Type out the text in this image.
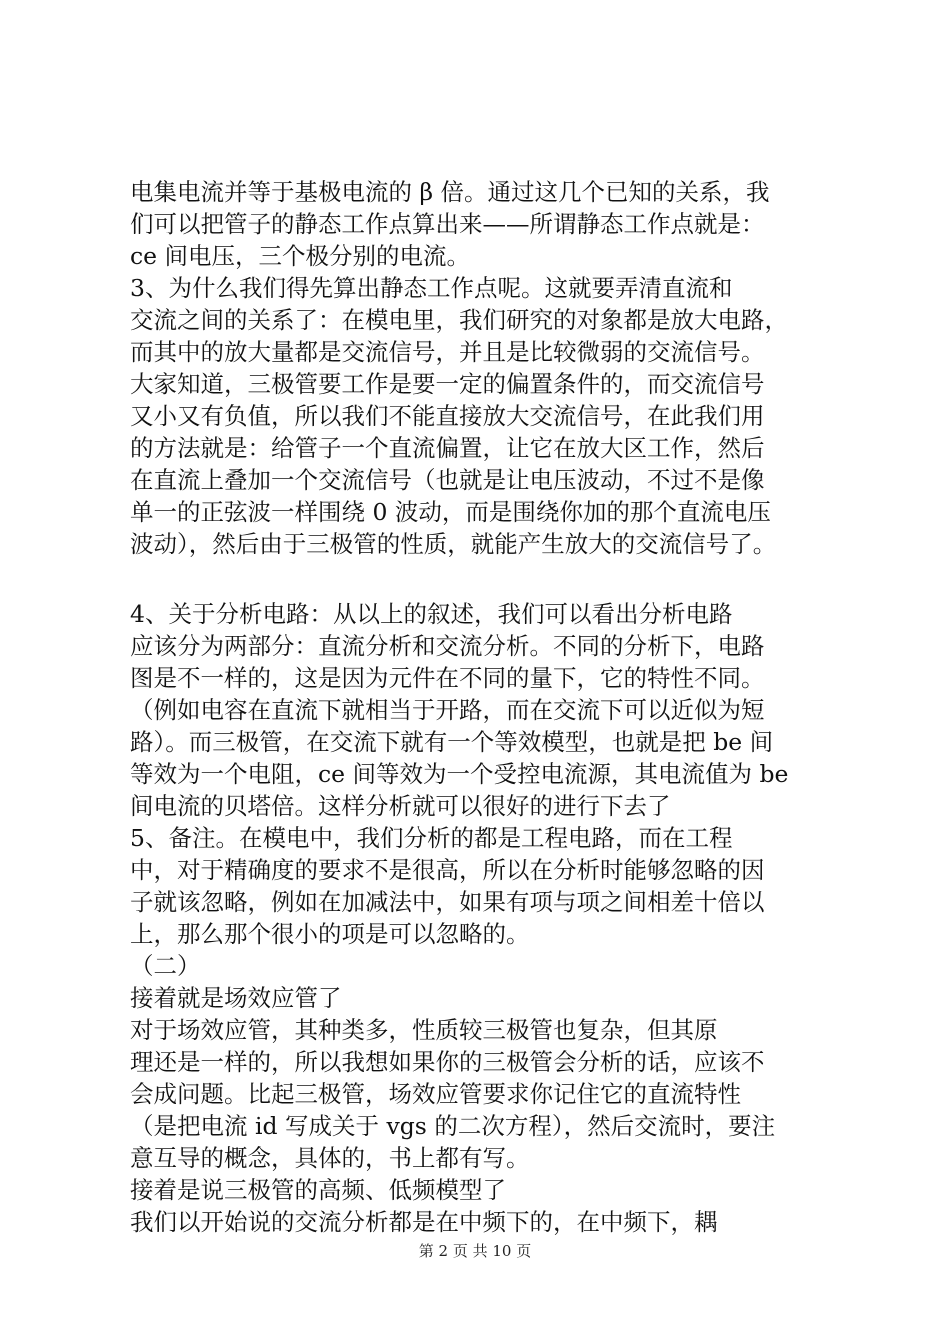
电集电流并等于基极电流的 β 倍。通过这几个已知的关系，我
们可以把管子的静态工作点算出来——所谓静态工作点就是：
ce 间电压，三个极分别的电流。
3、为什么我们得先算出静态工作点呢。这就要弄清直流和
交流之间的关系了：在模电里，我们研究的对象都是放大电路，
而其中的放大量都是交流信号，并且是比较微弱的交流信号。
大家知道，三极管要工作是要一定的偏置条件的，而交流信号
又小又有负值，所以我们不能直接放大交流信号，在此我们用
的方法就是：给管子一个直流偏置，让它在放大区工作，然后
在直流上叠加一个交流信号（也就是让电压波动，不过不是像
单一的正弦波一样围绕 0 波动，而是围绕你加的那个直流电压
波动），然后由于三极管的性质，就能产生放大的交流信号了。
4、关于分析电路：从以上的叙述，我们可以看出分析电路
应该分为两部分：直流分析和交流分析。不同的分析下，电路
图是不一样的，这是因为元件在不同的量下，它的特性不同。
（例如电容在直流下就相当于开路，而在交流下可以近似为短
路）。而三极管，在交流下就有一个等效模型，也就是把 be 间
等效为一个电阻，ce 间等效为一个受控电流源，其电流值为 be
间电流的贝塔倍。这样分析就可以很好的进行下去了
5、备注。在模电中，我们分析的都是工程电路，而在工程
中，对于精确度的要求不是很高，所以在分析时能够忽略的因
子就该忽略，例如在加减法中，如果有项与项之间相差十倍以
上，那么那个很小的项是可以忽略的。
（二）
接着就是场效应管了
对于场效应管，其种类多，性质较三极管也复杂，但其原
理还是一样的，所以我想如果你的三极管会分析的话，应该不
会成问题。比起三极管，场效应管要求你记住它的直流特性
（是把电流 id 写成关于 vgs 的二次方程），然后交流时，要注
意互导的概念，具体的，书上都有写。
接着是说三极管的高频、低频模型了
我们以开始说的交流分析都是在中频下的，在中频下，耦
第 2 页 共 10 页
